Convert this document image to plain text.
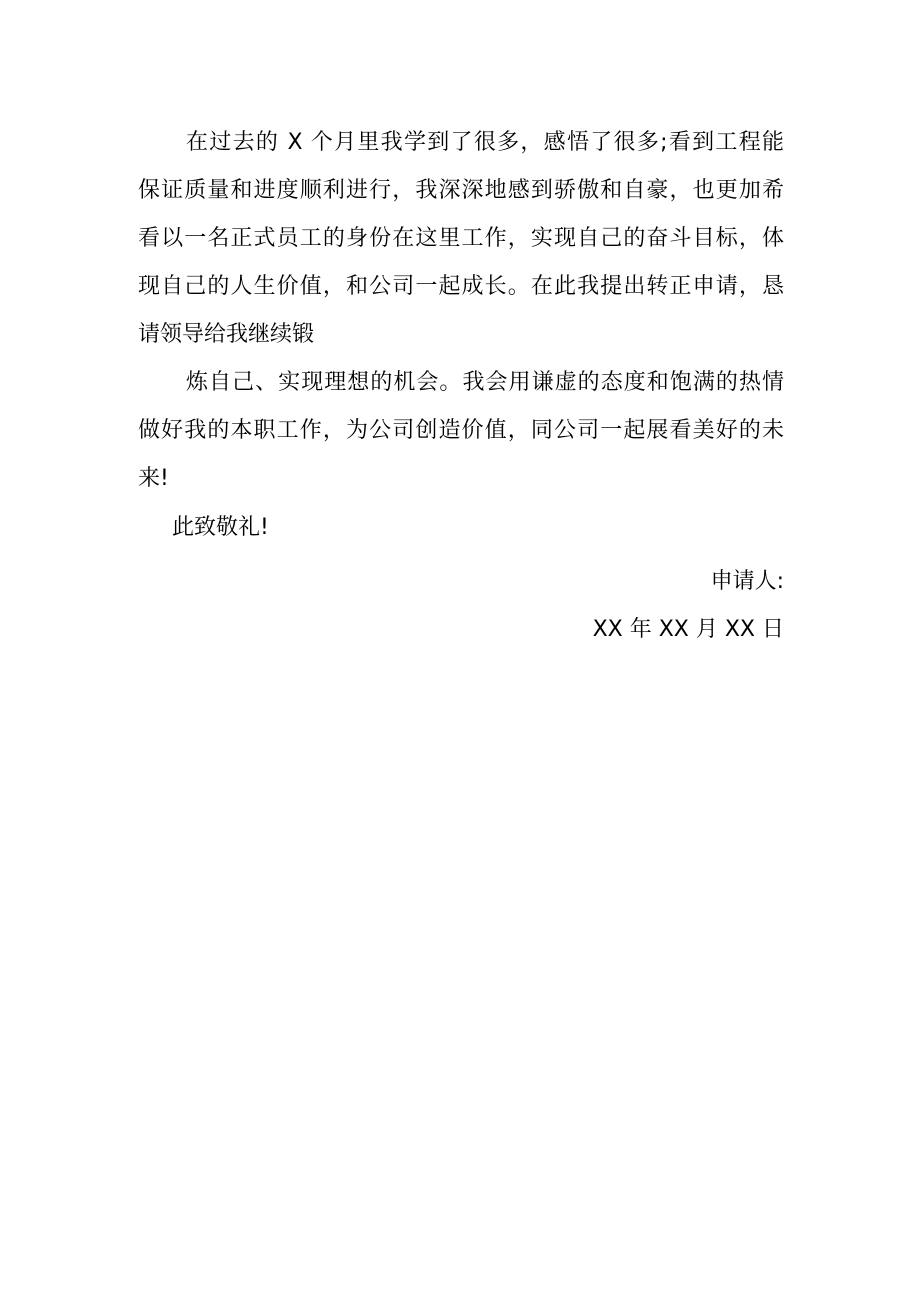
在过去的 X 个月里我学到了很多，感悟了很多;看到工程能
保证质量和进度顺利进行，我深深地感到骄傲和自豪，也更加希
看以一名正式员工的身份在这里工作，实现自己的奋斗目标，体
现自己的人生价值，和公司一起成长。在此我提出转正申请，恳
请领导给我继续锻
炼自己、实现理想的机会。我会用谦虚的态度和饱满的热情
做好我的本职工作，为公司创造价值，同公司一起展看美好的未
来!
此致敬礼!
申请人:
XX 年 XX 月 XX 日
